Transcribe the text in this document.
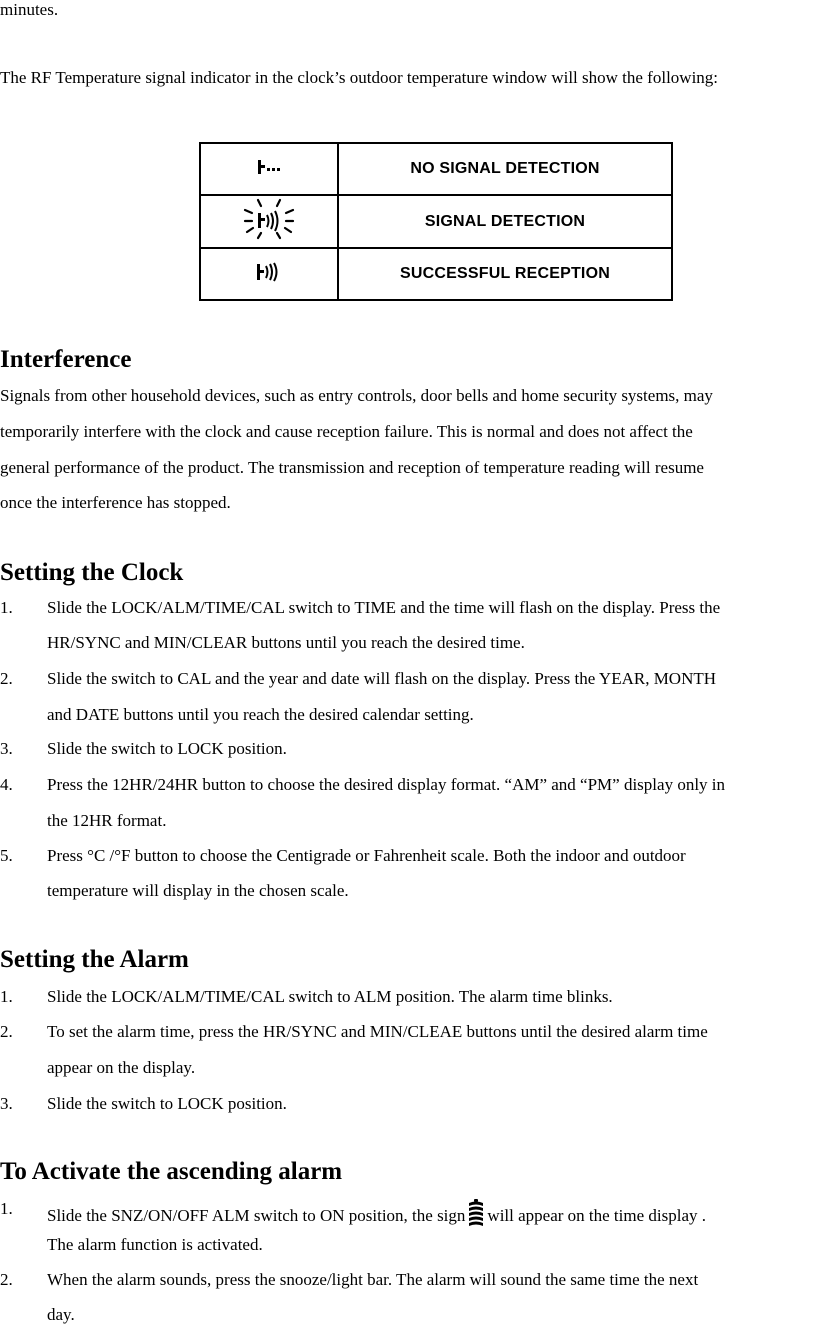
minutes.
The RF Temperature signal indicator in the clock’s outdoor temperature window will show the following:
	NO SIGNAL DETECTION
	SIGNAL DETECTION
	SUCCESSFUL RECEPTION
Interference
Signals from other household devices, such as entry controls, door bells and home security systems, may
temporarily interfere with the clock and cause reception failure. This is normal and does not affect the
general performance of the product. The transmission and reception of temperature reading will resume
once the interference has stopped.
Setting the Clock
1. Slide the LOCK/ALM/TIME/CAL switch to TIME and the time will flash on the display. Press the
HR/SYNC and MIN/CLEAR buttons until you reach the desired time.
2. Slide the switch to CAL and the year and date will flash on the display. Press the YEAR, MONTH
and DATE buttons until you reach the desired calendar setting.
3. Slide the switch to LOCK position.
4. Press the 12HR/24HR button to choose the desired display format. “AM” and “PM” display only in
the 12HR format.
5. Press °C /°F button to choose the Centigrade or Fahrenheit scale. Both the indoor and outdoor
temperature will display in the chosen scale.
Setting the Alarm
1. Slide the LOCK/ALM/TIME/CAL switch to ALM position. The alarm time blinks.
2. To set the alarm time, press the HR/SYNC and MIN/CLEAE buttons until the desired alarm time
appear on the display.
3. Slide the switch to LOCK position.
To Activate the ascending alarm
1. Slide the SNZ/ON/OFF ALM switch to ON position, the sign will appear on the time display .
The alarm function is activated.
2. When the alarm sounds, press the snooze/light bar. The alarm will sound the same time the next
day.
